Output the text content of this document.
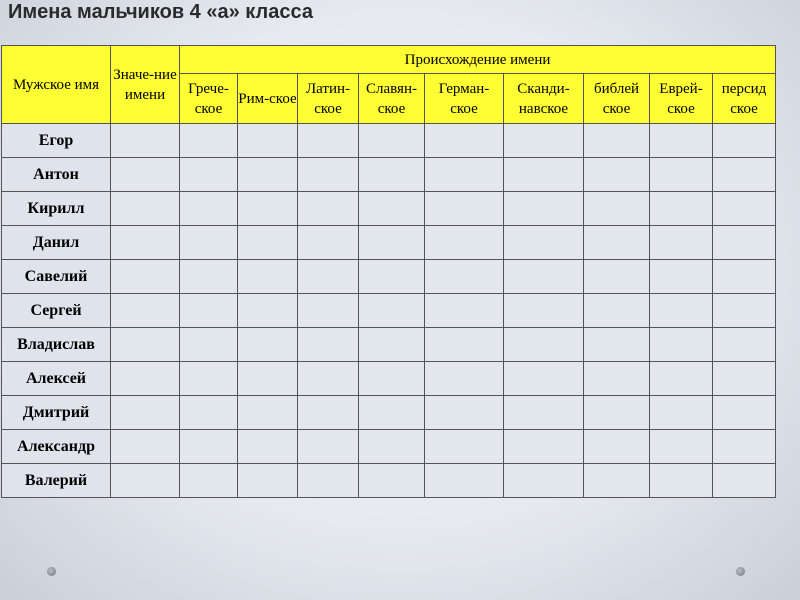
Имена мальчиков 4 «а» класса
Мужское имя	Значе-ние имени	Происхождение имени								
		Грече-ское	Рим-ское	Латин-ское	Славян-ское	Герман-ское	Сканди-навское	библей ское	Еврей-ское	персид ское
Егор										
Антон										
Кирилл										
Данил										
Савелий										
Сергей										
Владислав										
Алексей										
Дмитрий										
Александр										
Валерий										
